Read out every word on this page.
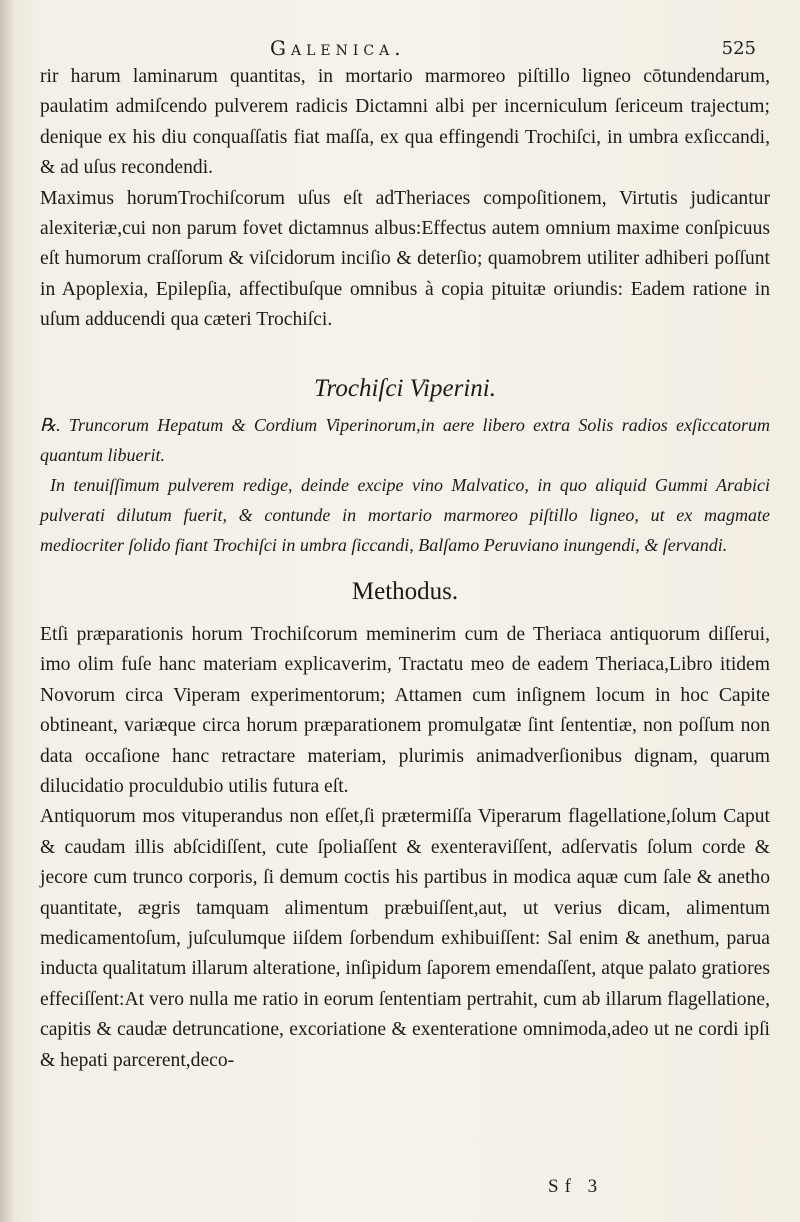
Galenica.	525

rir harum laminarum quantitas, in mortario marmoreo piſtillo ligneo cōtundendarum, paulatim admiſcendo pulverem radicis Dictamni albi per incerniculum ſericeum trajectum; denique ex his diu conquaſſatis fiat maſſa, ex qua effingendi Trochiſci, in umbra exſiccandi, & ad uſus recondendi.

Maximus horumTrochiſcorum uſus eſt adTheriaces compoſitionem, Virtutis judicantur alexiteriæ,cui non parum fovet dictamnus albus:Effectus autem omnium maxime conſpicuus eſt humorum craſſorum & viſcidorum inciſio & deterſio; quamobrem utiliter adhiberi poſſunt in Apoplexia, Epilepſia, affectibuſque omnibus à copia pituitæ oriundis: Eadem ratione in uſum adducendi qua cæteri Trochiſci.

Trochiſci Viperini.

℞. Truncorum Hepatum & Cordium Viperinorum,in aere libero extra Solis radios exſiccatorum quantum libuerit.

In tenuiſſimum pulverem redige, deinde excipe vino Malvatico, in quo aliquid Gummi Arabici pulverati dilutum fuerit, & contunde in mortario marmoreo piſtillo ligneo, ut ex magmate mediocriter ſolido fiant Trochiſci in umbra ſiccandi, Balſamo Peruviano inungendi, & ſervandi.

Methodus.

Etſi præparationis horum Trochiſcorum meminerim cum de Theriaca antiquorum diſſerui, imo olim fuſe hanc materiam explicaverim, Tractatu meo de eadem Theriaca,Libro itidem Novorum circa Viperam experimentorum; Attamen cum inſignem locum in hoc Capite obtineant, variæque circa horum præparationem promulgatæ ſint ſententiæ, non poſſum non data occaſione hanc retractare materiam, plurimis animadverſionibus dignam, quarum dilucidatio proculdubio utilis futura eſt.

Antiquorum mos vituperandus non eſſet,ſi prætermiſſa Viperarum flagellatione,ſolum Caput & caudam illis abſcidiſſent, cute ſpoliaſſent & exenteraviſſent, adſervatis ſolum corde & jecore cum trunco corporis, ſi demum coctis his partibus in modica aquæ cum ſale & anetho quantitate, ægris tamquam alimentum præbuiſſent,aut, ut verius dicam, alimentum medicamentoſum, juſculumque iiſdem ſorbendum exhibuiſſent: Sal enim & anethum, parua inducta qualitatum illarum alteratione, inſipidum ſaporem emendaſſent, atque palato gratiores effeciſſent:At vero nulla me ratio in eorum ſententiam pertrahit, cum ab illarum flagellatione, capitis & caudæ detruncatione, excoriatione & exenteratione omnimoda,adeo ut ne cordi ipſi & hepati parcerent,deco-

Sf 3
